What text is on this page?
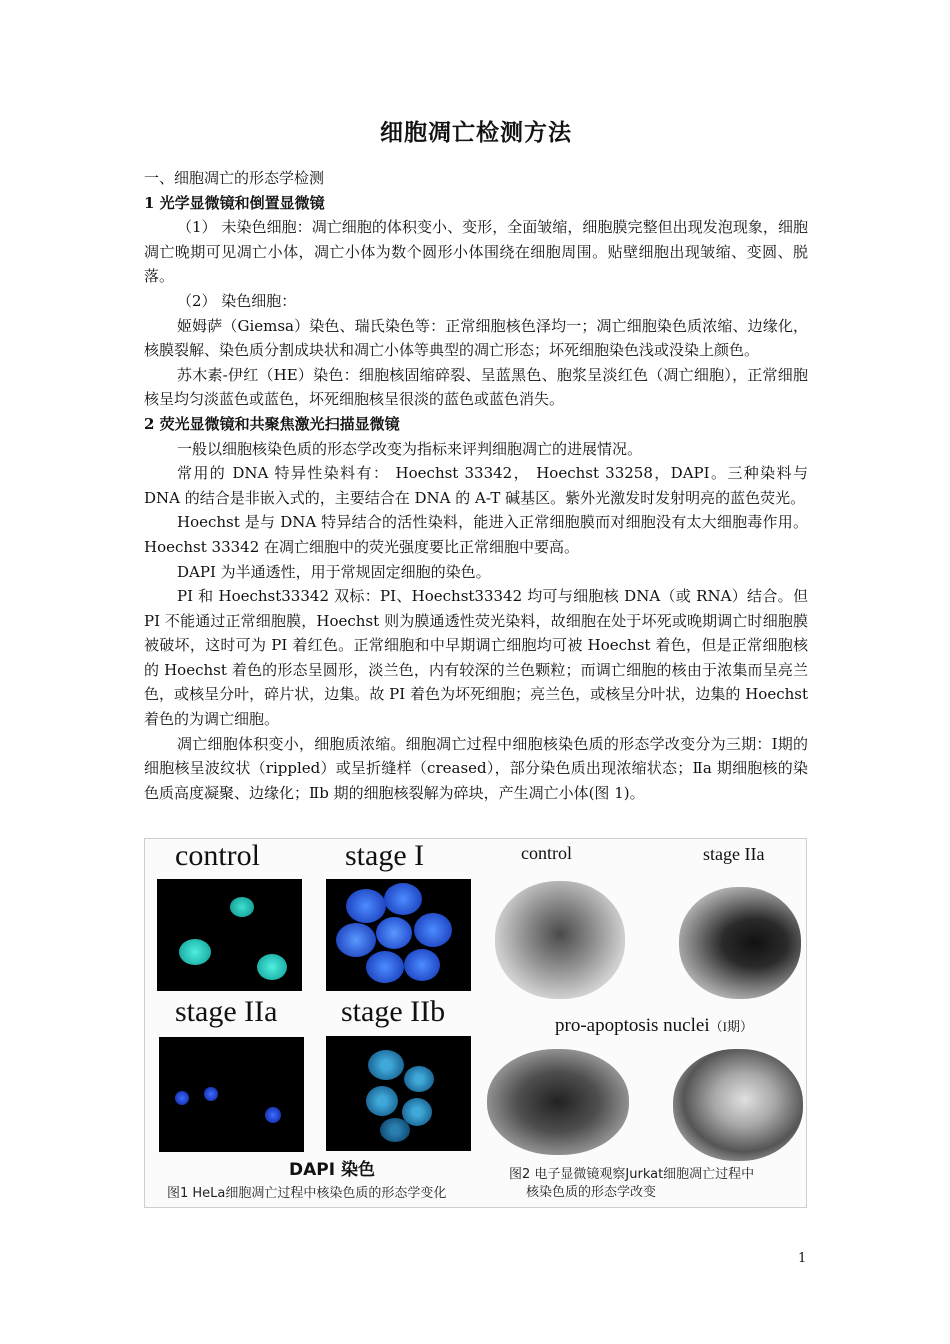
细胞凋亡检测方法

一、细胞凋亡的形态学检测

1 光学显微镜和倒置显微镜

（1） 未染色细胞：凋亡细胞的体积变小、变形，全面皱缩，细胞膜完整但出现发泡现象，细胞凋亡晚期可见凋亡小体，凋亡小体为数个圆形小体围绕在细胞周围。贴壁细胞出现皱缩、变圆、脱落。

（2） 染色细胞：

姬姆萨（Giemsa）染色、瑞氏染色等：正常细胞核色泽均一；凋亡细胞染色质浓缩、边缘化，核膜裂解、染色质分割成块状和凋亡小体等典型的凋亡形态；坏死细胞染色浅或没染上颜色。

苏木素-伊红（HE）染色：细胞核固缩碎裂、呈蓝黑色、胞浆呈淡红色（凋亡细胞），正常细胞核呈均匀淡蓝色或蓝色，坏死细胞核呈很淡的蓝色或蓝色消失。

2 荧光显微镜和共聚焦激光扫描显微镜

一般以细胞核染色质的形态学改变为指标来评判细胞凋亡的进展情况。

常用的 DNA 特异性染料有： Hoechst 33342， Hoechst 33258，DAPI。三种染料与 DNA 的结合是非嵌入式的，主要结合在 DNA 的 A-T 碱基区。紫外光激发时发射明亮的蓝色荧光。

Hoechst 是与 DNA 特异结合的活性染料，能进入正常细胞膜而对细胞没有太大细胞毒作用。Hoechst 33342 在凋亡细胞中的荧光强度要比正常细胞中要高。

DAPI 为半通透性，用于常规固定细胞的染色。

PI 和 Hoechst33342 双标：PI、Hoechst33342 均可与细胞核 DNA（或 RNA）结合。但 PI 不能通过正常细胞膜，Hoechst 则为膜通透性荧光染料，故细胞在处于坏死或晚期调亡时细胞膜被破坏，这时可为 PI 着红色。正常细胞和中早期调亡细胞均可被 Hoechst 着色，但是正常细胞核的 Hoechst 着色的形态呈圆形，淡兰色，内有较深的兰色颗粒；而调亡细胞的核由于浓集而呈亮兰色，或核呈分叶，碎片状，边集。故 PI 着色为坏死细胞；亮兰色，或核呈分叶状，边集的 Hoechst 着色的为调亡细胞。

凋亡细胞体积变小，细胞质浓缩。细胞凋亡过程中细胞核染色质的形态学改变分为三期：Ⅰ期的细胞核呈波纹状（rippled）或呈折缝样（creased），部分染色质出现浓缩状态；Ⅱa 期细胞核的染色质高度凝聚、边缘化；Ⅱb 期的细胞核裂解为碎块，产生凋亡小体(图 1)。

control	stage I
stage IIa stage IIb
DAPI 染色
图1 HeLa细胞凋亡过程中核染色质的形态学变化
control	stage IIa
pro-apoptosis nuclei（I期）
图2 电子显微镜观察Jurkat细胞凋亡过程中
核染色质的形态学改变
1
